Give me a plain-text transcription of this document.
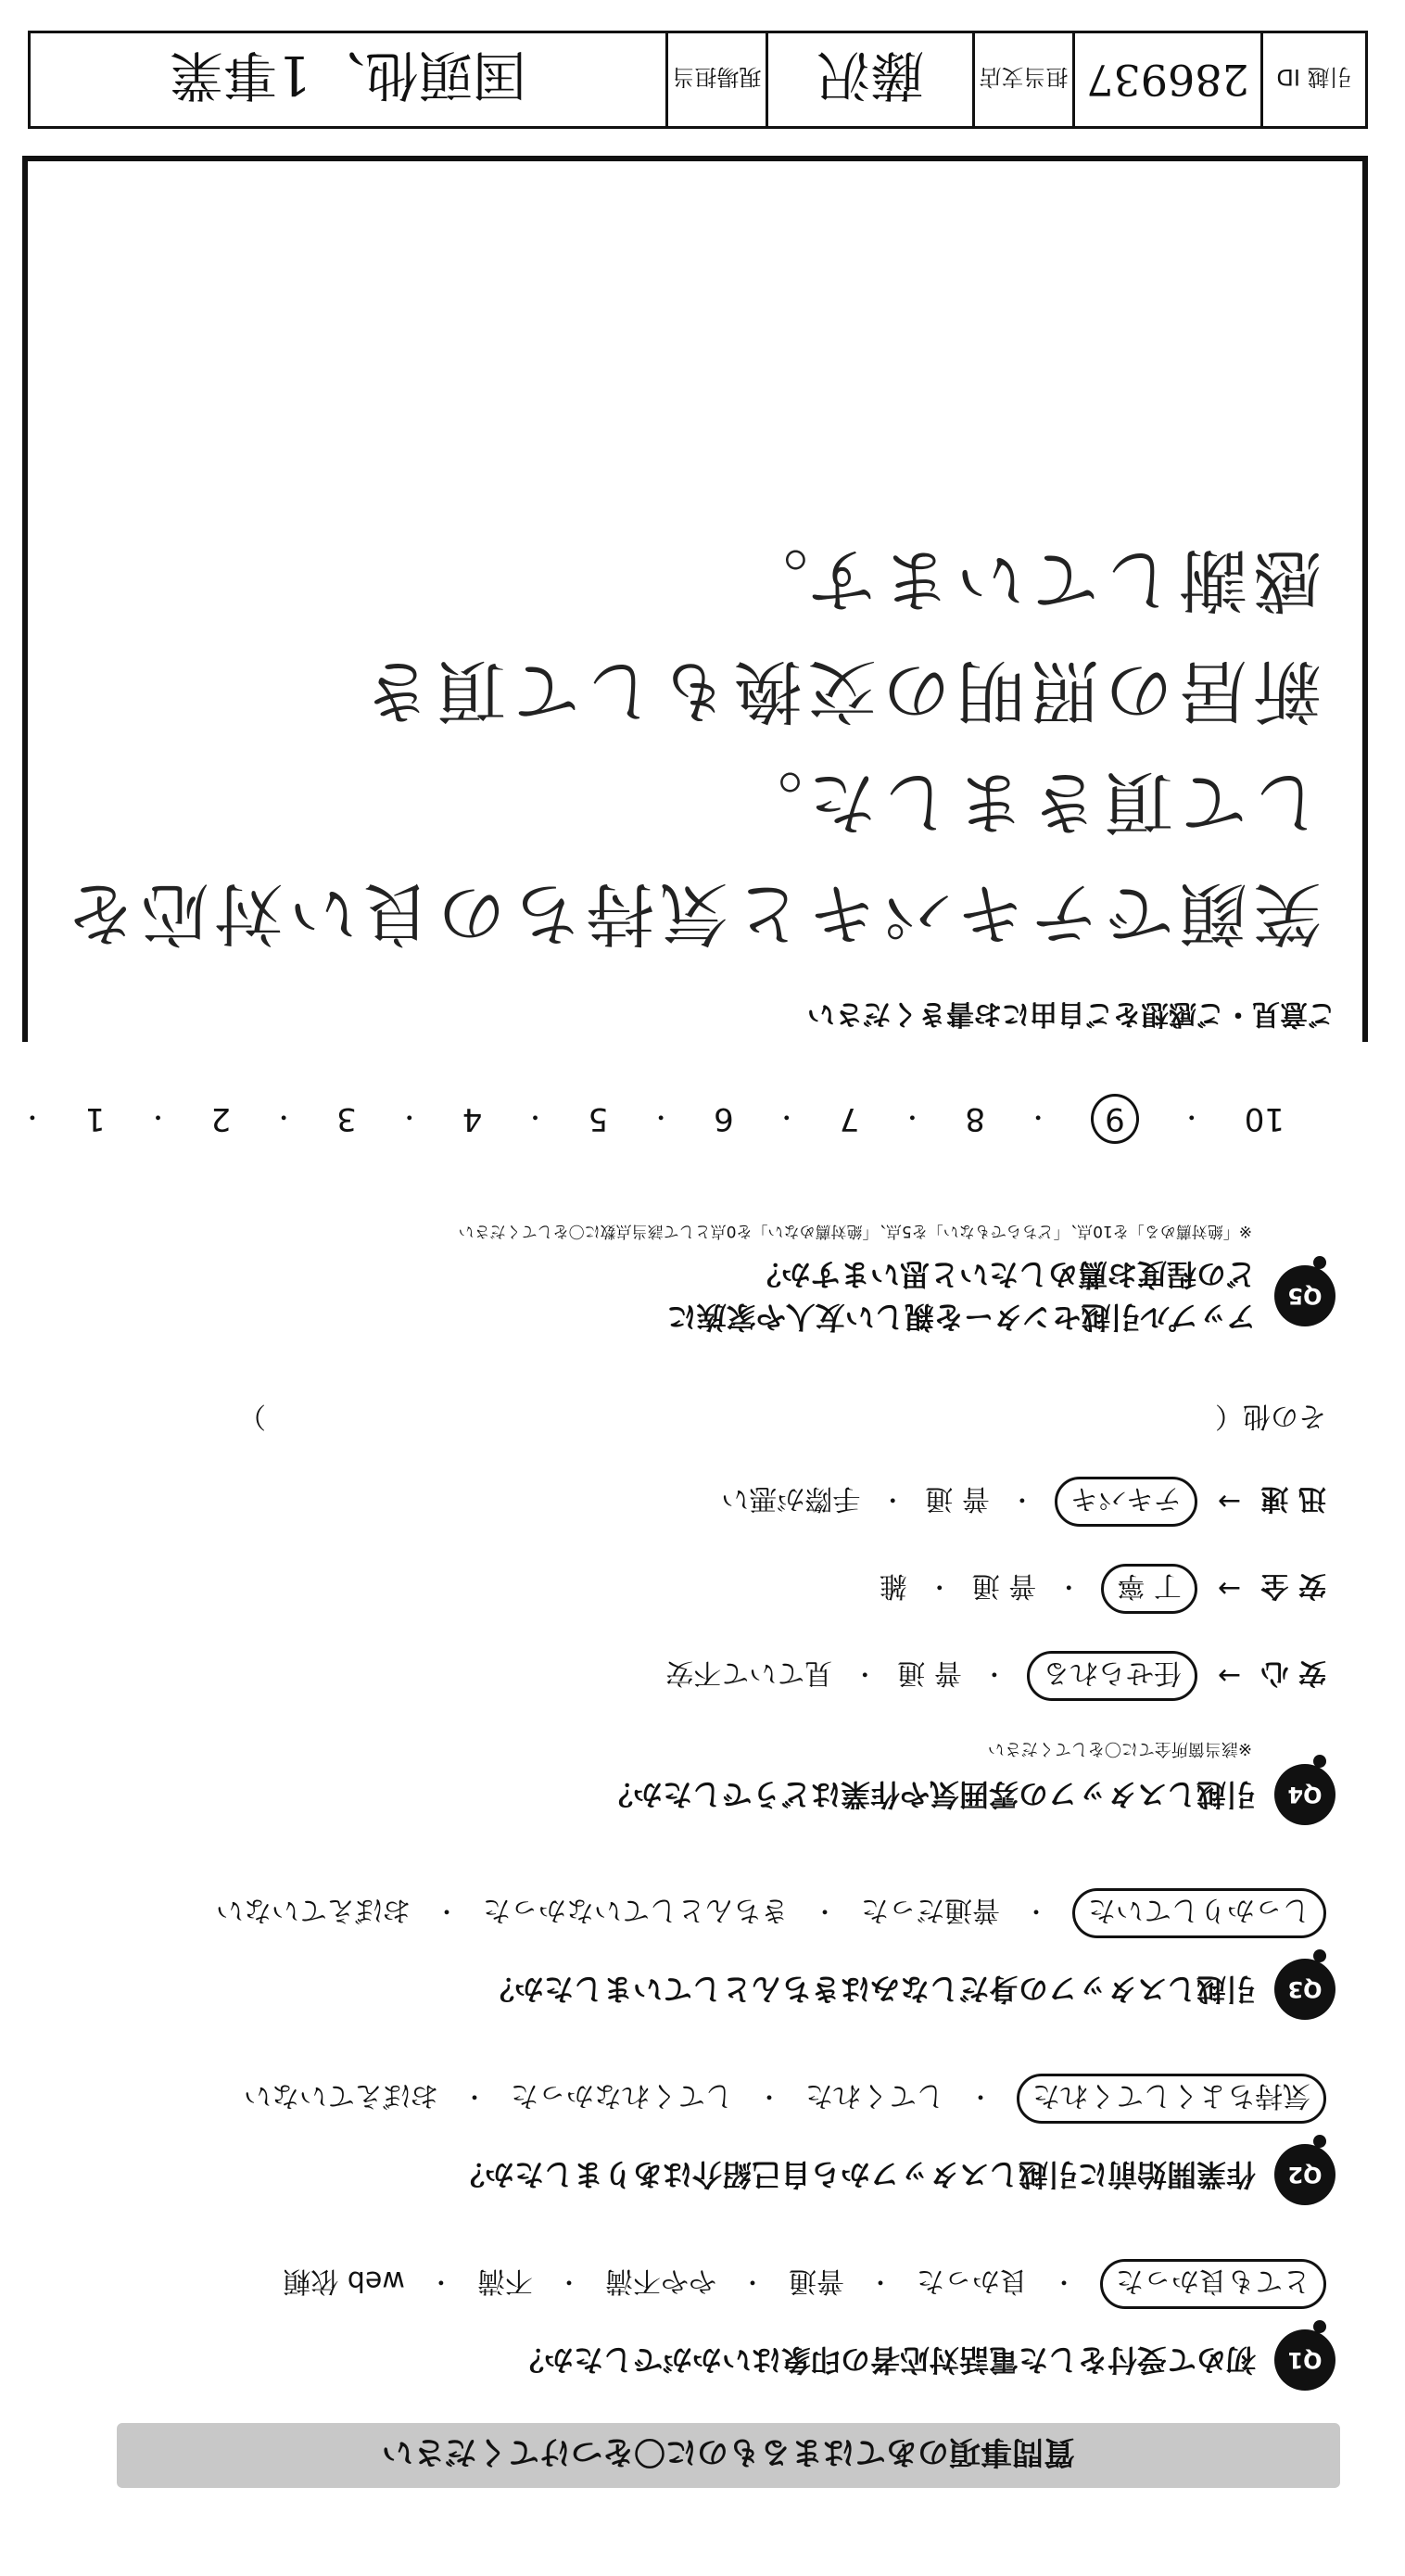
質問事項のあてはまるものに〇をつけてください
Q1
初めて受付をした電話対応者の印象はいかがでしたか？
とても良かった
・
良かった
・
普通
・
やや不満
・
不満
・
web 依頼
Q2
作業開始前に引越しスタッフから自己紹介はありましたか？
気持ちよくしてくれた
・
してくれた
・
してくれなかった
・
おぼえていない
Q3
引越しスタッフの身だしなみはきちんとしていましたか？
しっかりしていた
・
普通だった
・
きちんとしていなかった
・
おぼえていない
Q4
引越しスタッフの雰囲気や作業はどうでしたか？
※該当箇所全てに〇をしてください
安 心
→
任せられる
・
普 通
・
見ていて不安
安 全
→
丁 寧
・
普 通
・
雑
迅 速
→
テキパキ
・
普 通
・
手際が悪い
その他（
）
Q5
アップル引越センターを親しい友人や家族に
どの程度お薦めしたいと思いますか？
※「絶対薦める」を10点、「どちらでもない」を5点、「絶対薦めない」を0点として該当点数に〇をしてください
10
・
9
・
8
・
7
・
6
・
5
・
4
・
3
・
2
・
1
・
ご意見・ご感想をご自由にお書きください
笑顔でテキパキと気持ちの良い対応を
して頂きました。
新居の照明の交換もして頂き
感謝しています。
引越 ID
286937
担当支店
藤沢
現場担当
国頭他、1事業
